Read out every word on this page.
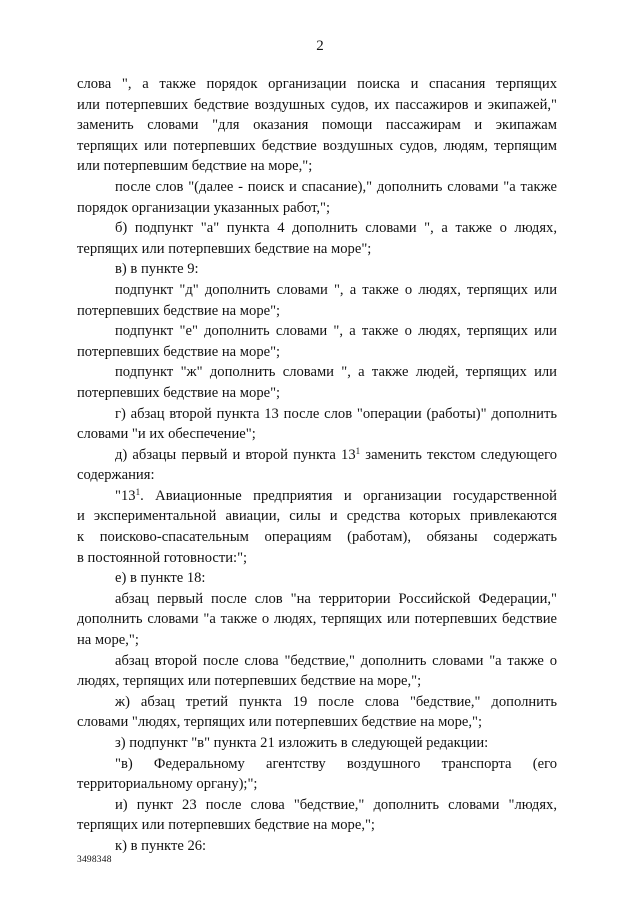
2

слова ", а также порядок организации поиска и спасания терпящих
или потерпевших бедствие воздушных судов, их пассажиров и экипажей,"
заменить словами "для оказания помощи пассажирам и экипажам
терпящих или потерпевших бедствие воздушных судов, людям, терпящим
или потерпевшим бедствие на море,";

после слов "(далее - поиск и спасание)," дополнить словами "а также

порядок организации указанных работ,";

б) подпункт "а" пункта 4 дополнить словами ", а также о людях,

терпящих или потерпевших бедствие на море";

в) в пункте 9:

подпункт "д" дополнить словами ", а также о людях, терпящих или

потерпевших бедствие на море";

подпункт "е" дополнить словами ", а также о людях, терпящих или

потерпевших бедствие на море";

подпункт "ж" дополнить словами ", а также людей, терпящих или

потерпевших бедствие на море";

г) абзац второй пункта 13 после слов "операции (работы)" дополнить

словами "и их обеспечение";

д) абзацы первый и второй пункта $13^1$ заменить текстом следующего

содержания:

"$13^1$. Авиационные предприятия и организации государственной

и экспериментальной авиации, силы и средства которых привлекаются
к поисково-спасательным операциям (работам), обязаны содержать
в постоянной готовности:";

е) в пункте 18:

абзац первый после слов "на территории Российской Федерации,"

дополнить словами "а также о людях, терпящих или потерпевших бедствие
на море,";

абзац второй после слова "бедствие," дополнить словами "а также о

людях, терпящих или потерпевших бедствие на море,";

ж) абзац третий пункта 19 после слова "бедствие," дополнить

словами "людях, терпящих или потерпевших бедствие на море,";

з) подпункт "в" пункта 21 изложить в следующей редакции:

"в) Федеральному агентству воздушного транспорта (его

территориальному органу);";

и) пункт 23 после слова "бедствие," дополнить словами "людях,

терпящих или потерпевших бедствие на море,";

к) в пункте 26:

3498348
